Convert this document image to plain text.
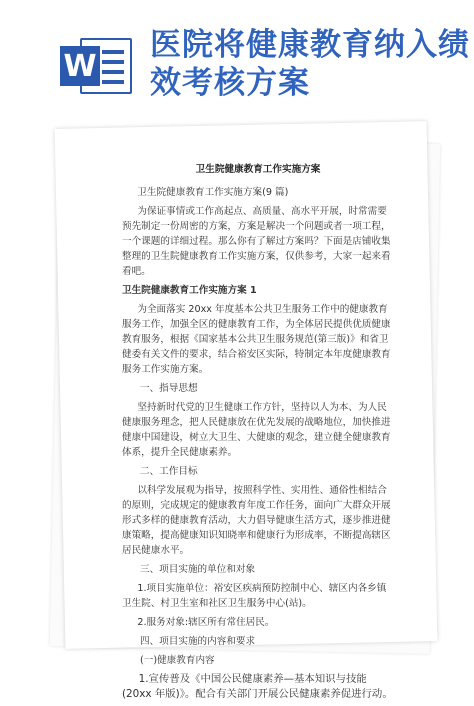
W
医院将健康教育纳入绩效考核方案
卫生院健康教育工作实施方案

卫生院健康教育工作实施方案(9 篇)

为保证事情或工作高起点、高质量、高水平开展，时常需要预先制定一份周密的方案，方案是解决一个问题或者一项工程，一个课题的详细过程。那么你有了解过方案吗？下面是店铺收集整理的卫生院健康教育工作实施方案，仅供参考，大家一起来看看吧。

卫生院健康教育工作实施方案 1

为全面落实 20xx 年度基本公共卫生服务工作中的健康教育服务工作，加强全区的健康教育工作，为全体居民提供优质健康教育服务，根据《国家基本公共卫生服务规范(第三版)》和省卫健委有关文件的要求，结合裕安区实际，特制定本年度健康教育服务工作实施方案。

一、指导思想

坚持新时代党的卫生健康工作方针，坚持以人为本、为人民健康服务理念，把人民健康放在优先发展的战略地位，加快推进健康中国建设，树立大卫生、大健康的观念，建立健全健康教育体系，提升全民健康素养。

二、工作目标

以科学发展观为指导，按照科学性、实用性、通俗性相结合的原则，完成规定的健康教育年度工作任务，面向广大群众开展形式多样的健康教育活动，大力倡导健康生活方式，逐步推进健康策略，提高健康知识知晓率和健康行为形成率，不断提高辖区居民健康水平。

三、项目实施的单位和对象

1.项目实施单位：裕安区疾病预防控制中心、辖区内各乡镇卫生院、村卫生室和社区卫生服务中心(站)。

2.服务对象:辖区所有常住居民。

四、项目实施的内容和要求

(一)健康教育内容

1.宣传普及《中国公民健康素养—基本知识与技能 (20xx 年版)》。配合有关部门开展公民健康素养促进行动。
